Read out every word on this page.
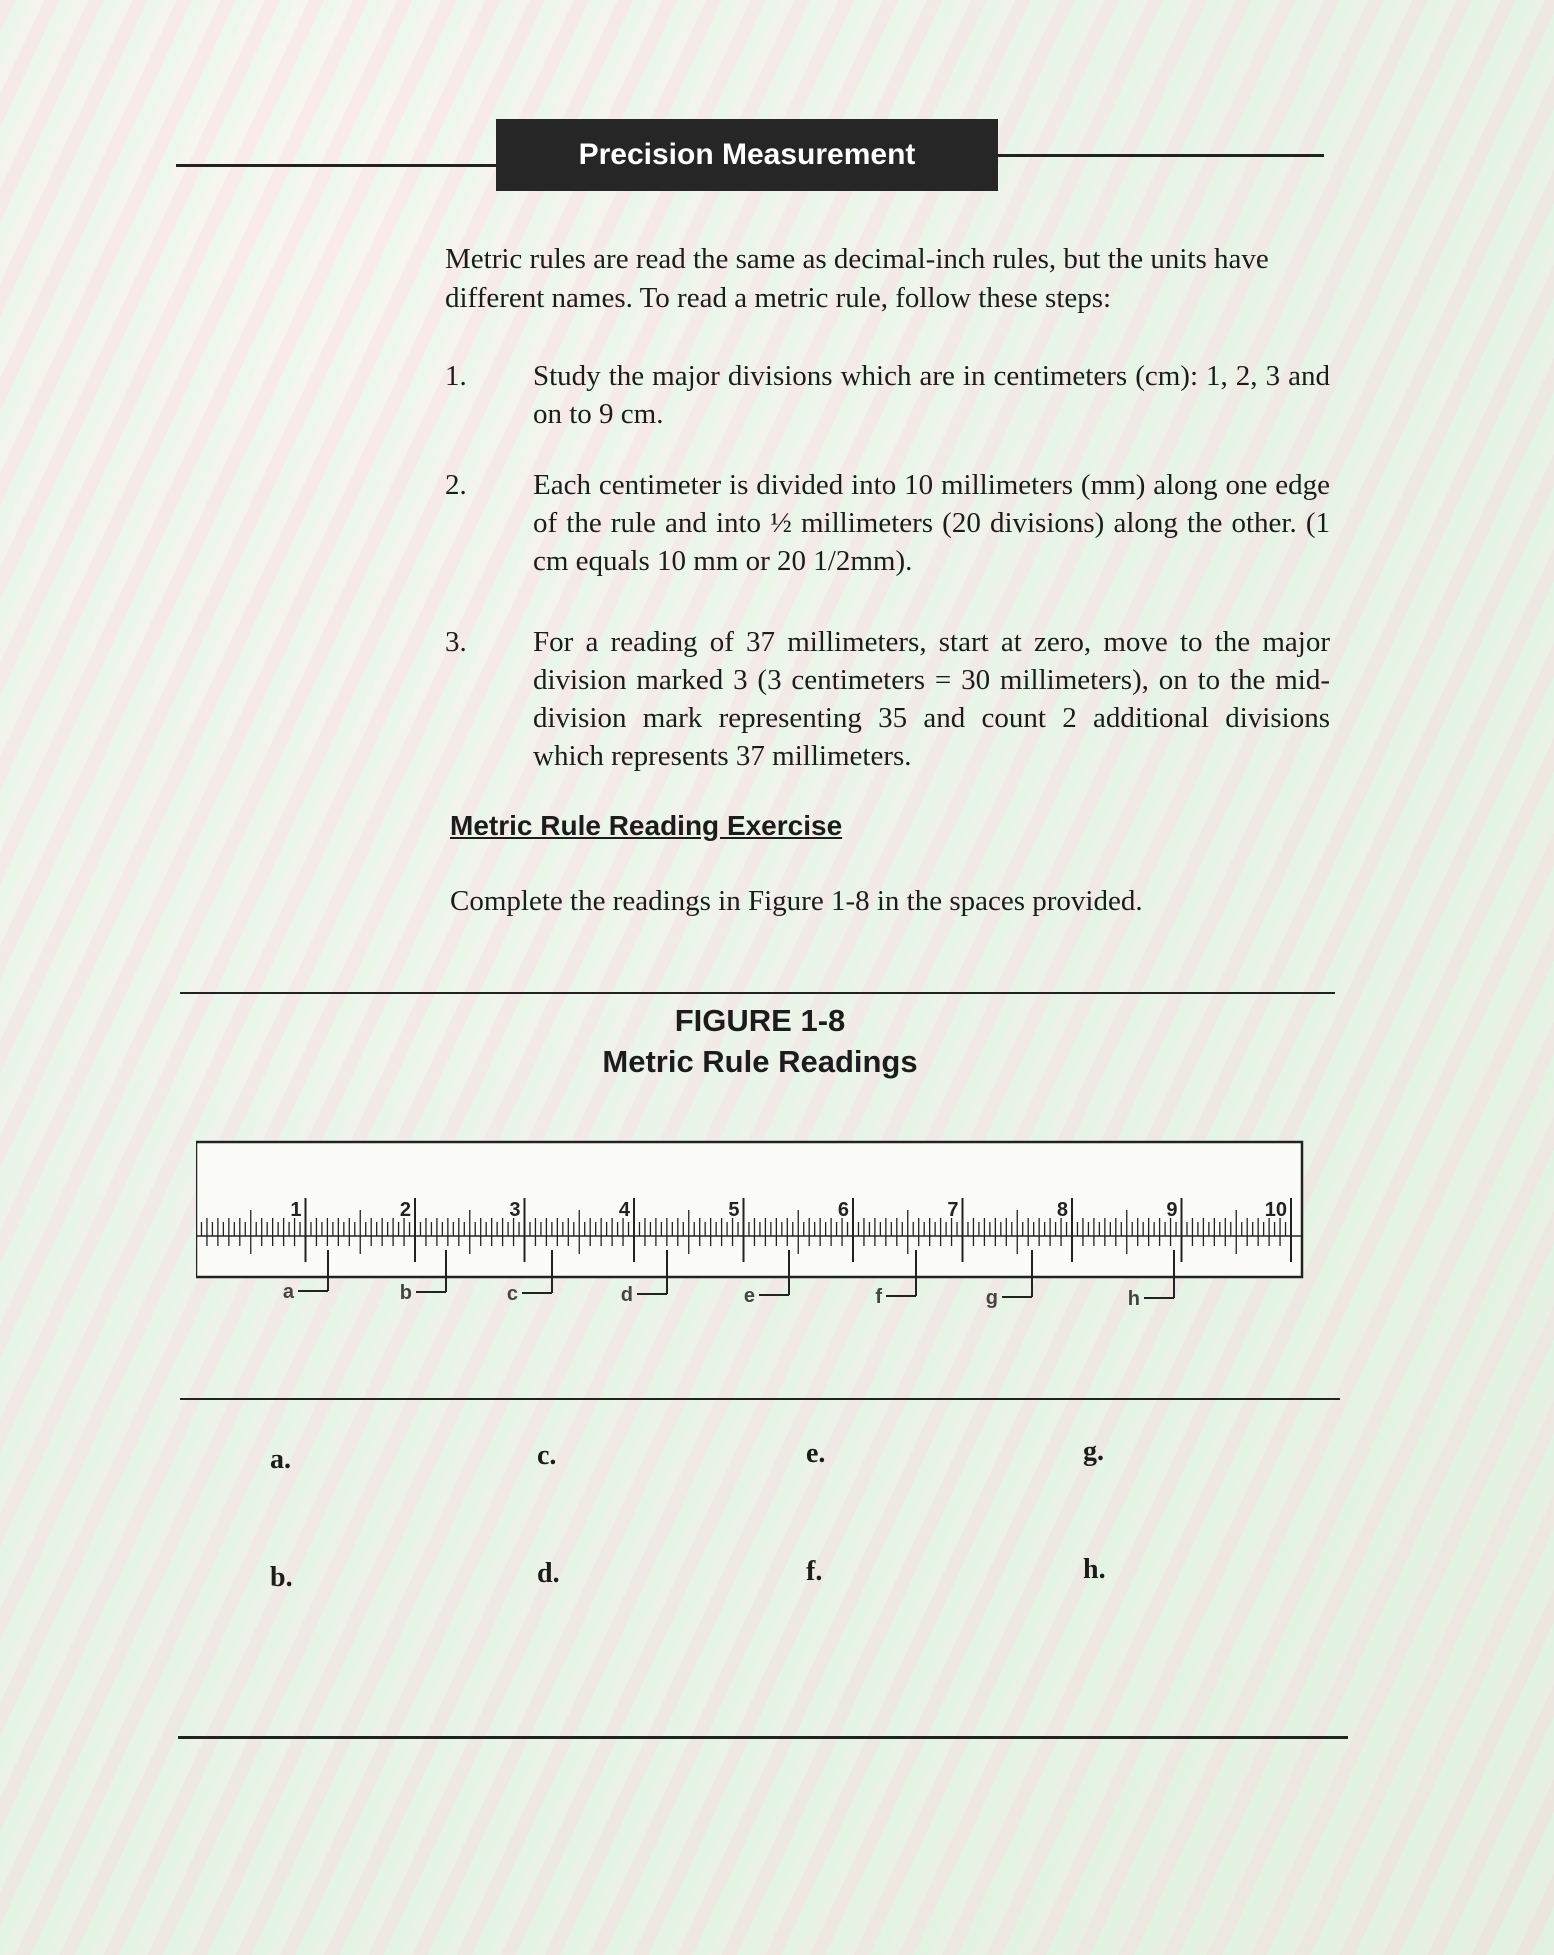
Precision Measurement
Metric rules are read the same as decimal-inch rules, but the units have different names. To read a metric rule, follow these steps:
1.	Study the major divisions which are in centimeters (cm): 1, 2, 3 and on to 9 cm.
2.	Each centimeter is divided into 10 millimeters (mm) along one edge of the rule and into ½ millimeters (20 divisions) along the other. (1 cm equals 10 mm or 20 1/2mm).
3.	For a reading of 37 millimeters, start at zero, move to the major division marked 3 (3 centimeters = 30 millimeters), on to the mid-division mark representing 35 and count 2 additional divisions which represents 37 millimeters.
Metric Rule Reading Exercise
Complete the readings in Figure 1-8 in the spaces provided.
FIGURE 1-8
Metric Rule Readings
1	2	3	4	5	6	7	8	9	10
a	b	c	d	e	f	g	h
a.	c.	e.	g.
b.	d.	f.	h.
